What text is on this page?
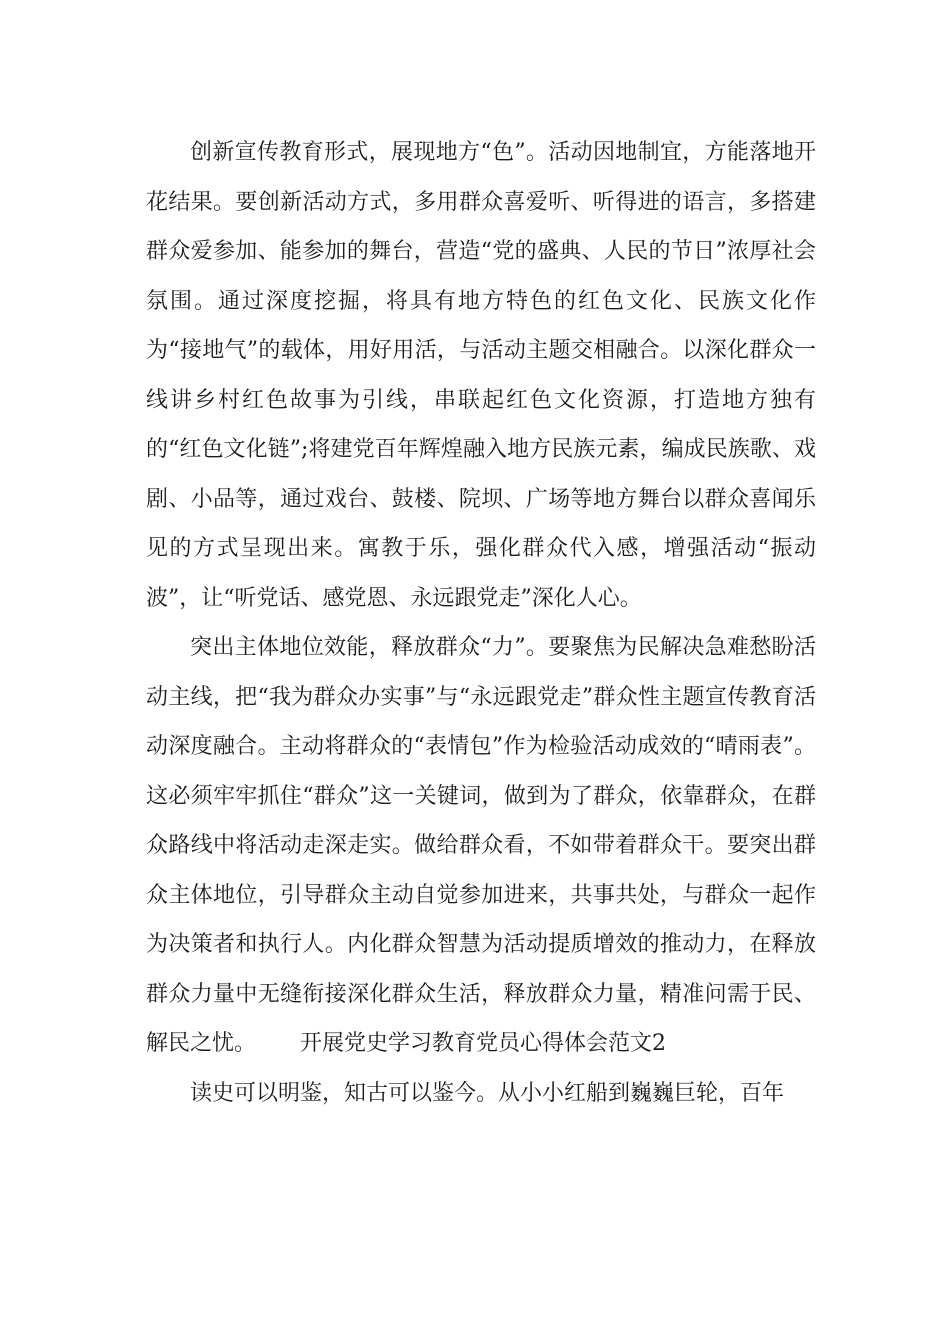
创新宣传教育形式，展现地方“色”。活动因地制宜，方能落地开花结果。要创新活动方式，多用群众喜爱听、听得进的语言，多搭建群众爱参加、能参加的舞台，营造“党的盛典、人民的节日”浓厚社会氛围。通过深度挖掘，将具有地方特色的红色文化、民族文化作为“接地气”的载体，用好用活，与活动主题交相融合。以深化群众一线讲乡村红色故事为引线，串联起红色文化资源，打造地方独有的“红色文化链”;将建党百年辉煌融入地方民族元素，编成民族歌、戏剧、小品等，通过戏台、鼓楼、院坝、广场等地方舞台以群众喜闻乐见的方式呈现出来。寓教于乐，强化群众代入感，增强活动“振动波”，让“听党话、感党恩、永远跟党走”深化人心。

突出主体地位效能，释放群众“力”。要聚焦为民解决急难愁盼活动主线，把“我为群众办实事”与“永远跟党走”群众性主题宣传教育活动深度融合。主动将群众的“表情包”作为检验活动成效的“晴雨表”。这必须牢牢抓住“群众”这一关键词，做到为了群众，依靠群众，在群众路线中将活动走深走实。做给群众看，不如带着群众干。要突出群众主体地位，引导群众主动自觉参加进来，共事共处，与群众一起作为决策者和执行人。内化群众智慧为活动提质增效的推动力，在释放群众力量中无缝衔接深化群众生活，释放群众力量，精准问需于民、解民之忧。 开展党史学习教育党员心得体会范文2

读史可以明鉴，知古可以鉴今。从小小红船到巍巍巨轮，百年
